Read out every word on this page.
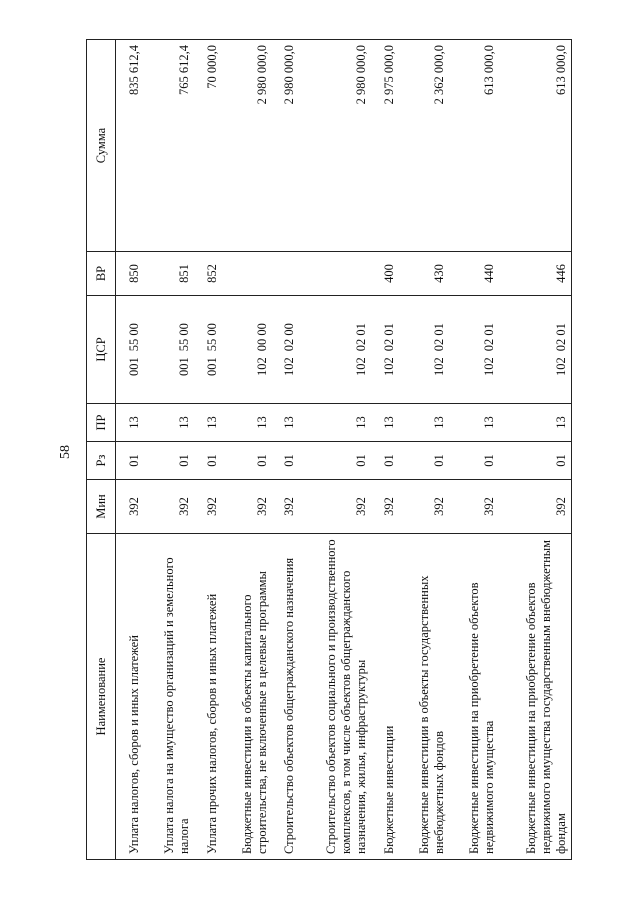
58
Наименование	Мин	Рз	ПР	ЦСР	ВР	Сумма
Уплата налогов, сборов и иных платежей	392	01	13	00155 00	850	835 612,4
Уплата налога на имущество организаций и земельного налога	392	01	13	00155 00	851	765 612,4
Уплата прочих налогов, сборов и иных платежей	392	01	13	00155 00	852	70 000,0
Бюджетные инвестиции в объекты капитального строительства, не включенные в целевые программы	392	01	13	10200 00		2 980 000,0
Строительство объектов общегражданского назначения	392	01	13	10202 00		2 980 000,0
Строительство объектов социального и производственного комплексов, в том числе объектов общегражданского назначения, жилья, инфраструктуры	392	01	13	10202 01		2 980 000,0
Бюджетные инвестиции	392	01	13	10202 01	400	2 975 000,0
Бюджетные инвестиции в объекты государственных внебюджетных фондов	392	01	13	10202 01	430	2 362 000,0
Бюджетные инвестиции на приобретение объектов недвижимого имущества	392	01	13	10202 01	440	613 000,0
Бюджетные инвестиции на приобретение объектов недвижимого имущества государственным внебюджетным фондам	392	01	13	10202 01	446	613 000,0
